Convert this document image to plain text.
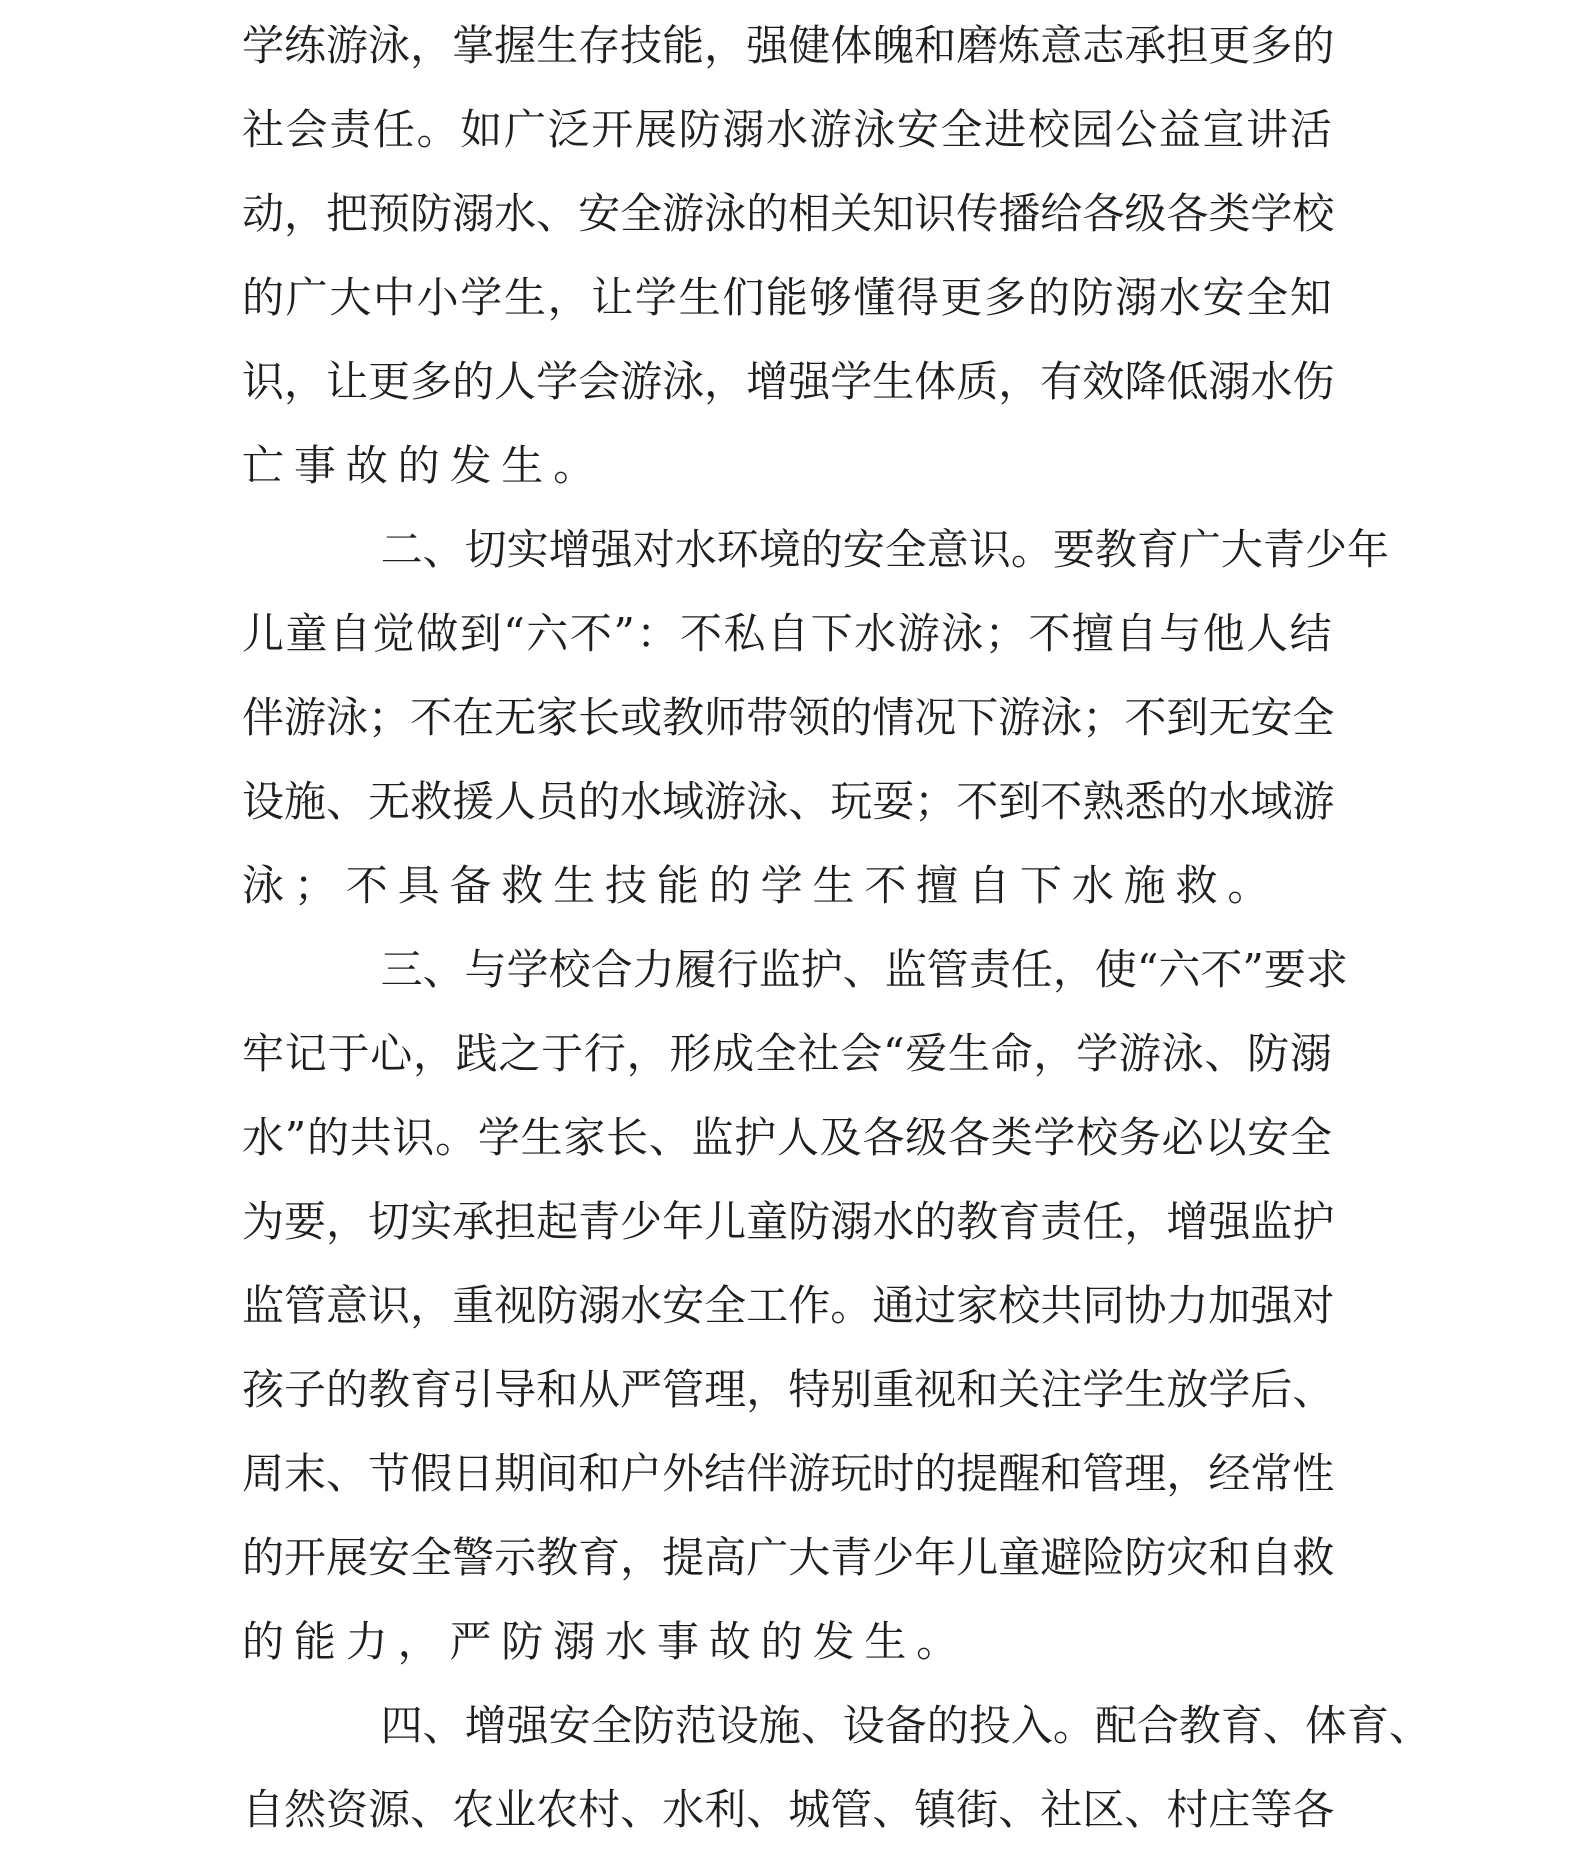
学 练 游 泳 ， 掌 握 生 存 技 能 ， 强 健 体 魄 和 磨 炼 意 志 承 担 更 多 的
社 会 责 任 。 如 广 泛 开 展 防 溺 水 游 泳 安 全 进 校 园 公 益 宣 讲 活
动 ， 把 预 防 溺 水 、 安 全 游 泳 的 相 关 知 识 传 播 给 各 级 各 类 学 校
的 广 大 中 小 学 生 ， 让 学 生 们 能 够 懂 得 更 多 的 防 溺 水 安 全 知
识 ， 让 更 多 的 人 学 会 游 泳 ， 增 强 学 生 体 质 ， 有 效 降 低 溺 水 伤
亡 事 故 的 发 生 。
二 、 切 实 增 强 对 水 环 境 的 安 全 意 识 。 要 教 育 广 大 青 少 年
儿 童 自 觉 做 到 “ 六 不 ” ： 不 私 自 下 水 游 泳 ； 不 擅 自 与 他 人 结
伴 游 泳 ； 不 在 无 家 长 或 教 师 带 领 的 情 况 下 游 泳 ； 不 到 无 安 全
设 施 、 无 救 援 人 员 的 水 域 游 泳 、 玩 耍 ； 不 到 不 熟 悉 的 水 域 游
泳 ； 不 具 备 救 生 技 能 的 学 生 不 擅 自 下 水 施 救 。
三 、 与 学 校 合 力 履 行 监 护 、 监 管 责 任 ， 使 “ 六 不 ” 要 求
牢 记 于 心 ， 践 之 于 行 ， 形 成 全 社 会 “ 爱 生 命 ， 学 游 泳 、 防 溺
水 ” 的 共 识 。 学 生 家 长 、 监 护 人 及 各 级 各 类 学 校 务 必 以 安 全
为 要 ， 切 实 承 担 起 青 少 年 儿 童 防 溺 水 的 教 育 责 任 ， 增 强 监 护
监 管 意 识 ， 重 视 防 溺 水 安 全 工 作 。 通 过 家 校 共 同 协 力 加 强 对
孩 子 的 教 育 引 导 和 从 严 管 理 ， 特 别 重 视 和 关 注 学 生 放 学 后 、
周 末 、 节 假 日 期 间 和 户 外 结 伴 游 玩 时 的 提 醒 和 管 理 ， 经 常 性
的 开 展 安 全 警 示 教 育 ， 提 高 广 大 青 少 年 儿 童 避 险 防 灾 和 自 救
的 能 力 ， 严 防 溺 水 事 故 的 发 生 。
四 、 增 强 安 全 防 范 设 施 、 设 备 的 投 入 。 配 合 教 育 、 体 育 、
自 然 资 源 、 农 业 农 村 、 水 利 、 城 管 、 镇 街 、 社 区 、 村 庄 等 各
